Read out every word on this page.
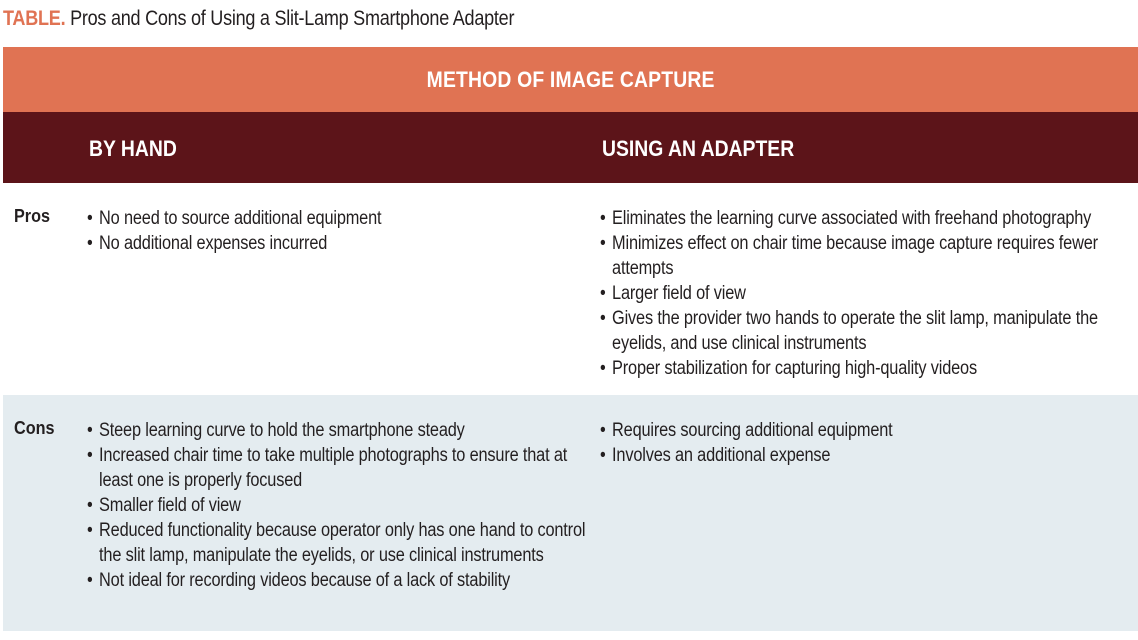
TABLE. Pros and Cons of Using a Slit-Lamp Smartphone Adapter
METHOD OF IMAGE CAPTURE
BY HAND	USING AN ADAPTER
Pros • No need to source additional equipment
• No additional expenses incurred
• Eliminates the learning curve associated with freehand photography
• Minimizes effect on chair time because image capture requires fewer attempts
• Larger field of view
• Gives the provider two hands to operate the slit lamp, manipulate the eyelids, and use clinical instruments
• Proper stabilization for capturing high-quality videos
Cons • Steep learning curve to hold the smartphone steady
• Increased chair time to take multiple photographs to ensure that at least one is properly focused
• Smaller field of view
• Reduced functionality because operator only has one hand to control the slit lamp, manipulate the eyelids, or use clinical instruments
• Not ideal for recording videos because of a lack of stability
• Requires sourcing additional equipment
• Involves an additional expense
